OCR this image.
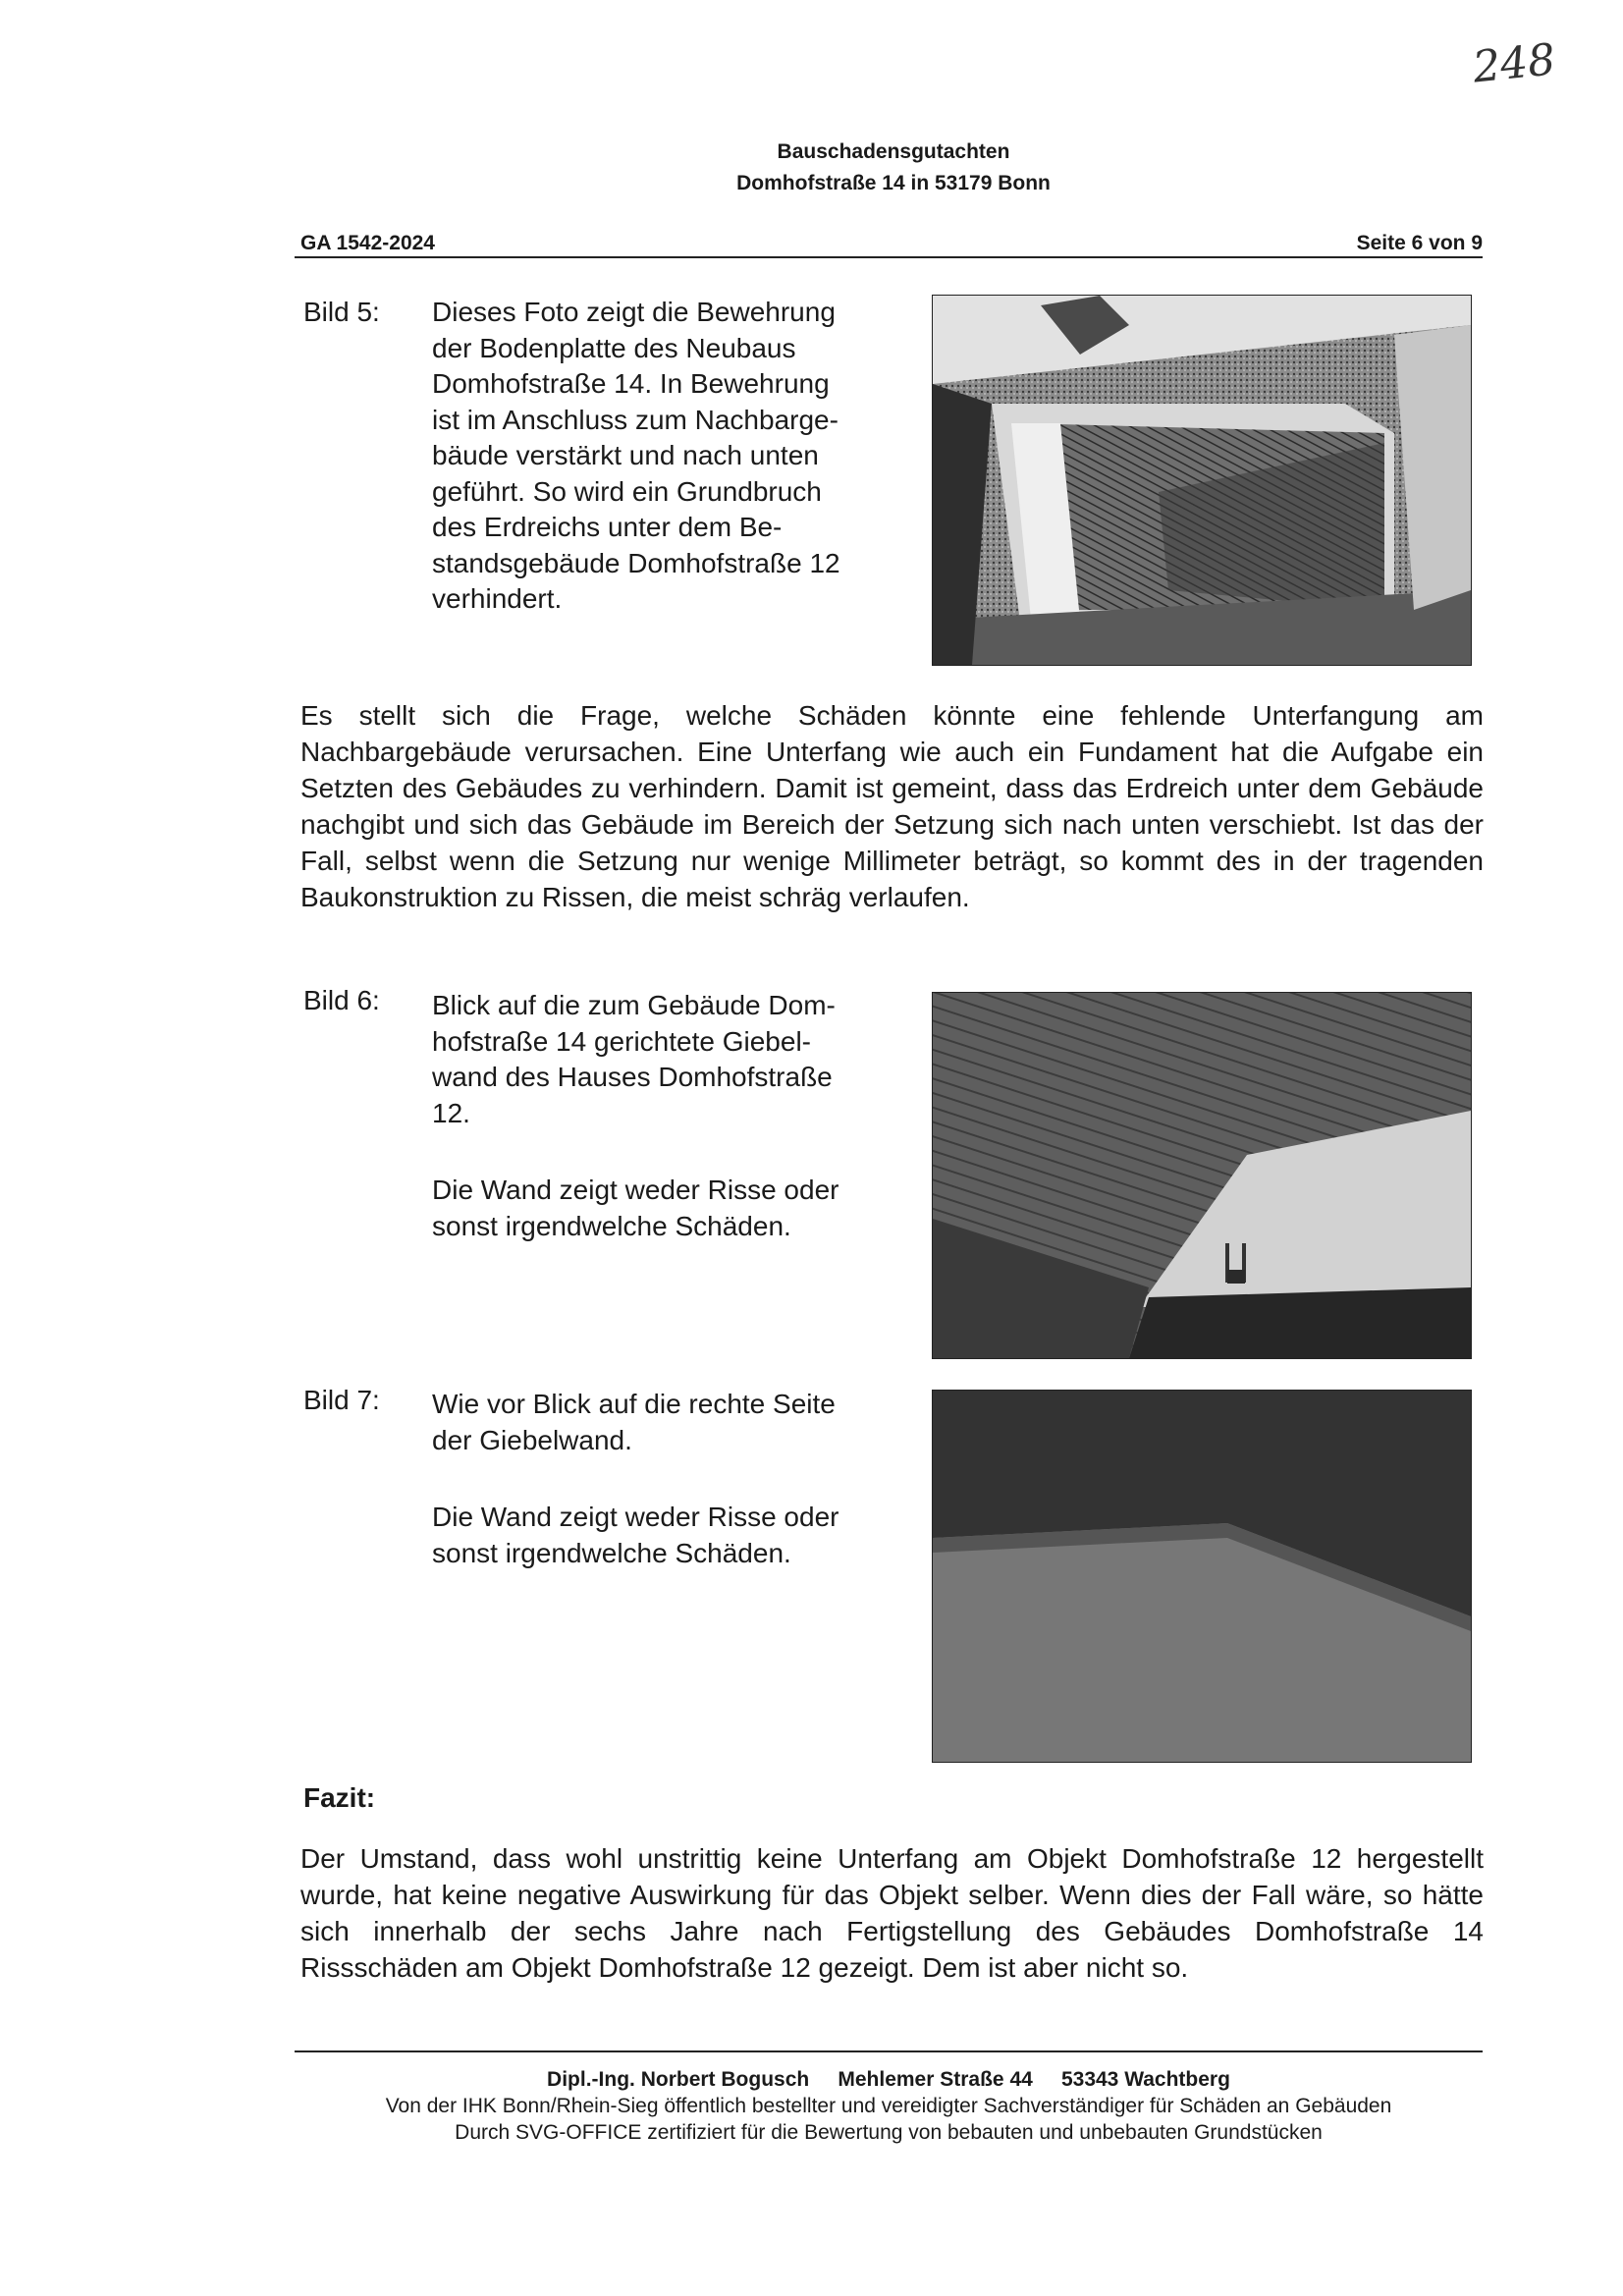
248
Bauschadensgutachten
Domhofstraße 14 in 53179 Bonn
GA 1542-2024	Seite 6 von 9
Bild 5: Dieses Foto zeigt die Bewehrung
der Bodenplatte des Neubaus
Domhofstraße 14. In Bewehrung
ist im Anschluss zum Nachbarge-
bäude verstärkt und nach unten
geführt. So wird ein Grundbruch
des Erdreichs unter dem Be-
standsgebäude Domhofstraße 12
verhindert.
Es stellt sich die Frage, welche Schäden könnte eine fehlende Unterfangung am Nachbargebäude verursachen. Eine Unterfang wie auch ein Fundament hat die Aufgabe ein Setzten des Gebäudes zu verhindern. Damit ist gemeint, dass das Erdreich unter dem Gebäude nachgibt und sich das Gebäude im Bereich der Setzung sich nach unten verschiebt. Ist das der Fall, selbst wenn die Setzung nur wenige Millimeter beträgt, so kommt des in der tragenden Baukonstruktion zu Rissen, die meist schräg verlaufen.
Bild 6: Blick auf die zum Gebäude Dom-
hofstraße 14 gerichtete Giebel-
wand des Hauses Domhofstraße
12.
Die Wand zeigt weder Risse oder
sonst irgendwelche Schäden.
Bild 7: Wie vor Blick auf die rechte Seite
der Giebelwand.
Die Wand zeigt weder Risse oder
sonst irgendwelche Schäden.
Fazit:
Der Umstand, dass wohl unstrittig keine Unterfang am Objekt Domhofstraße 12 hergestellt wurde, hat keine negative Auswirkung für das Objekt selber. Wenn dies der Fall wäre, so hätte sich innerhalb der sechs Jahre nach Fertigstellung des Gebäudes Domhofstraße 14 Rissschäden am Objekt Domhofstraße 12 gezeigt. Dem ist aber nicht so.
Dipl.-Ing. Norbert Bogusch     Mehlemer Straße 44     53343 Wachtberg
Von der IHK Bonn/Rhein-Sieg öffentlich bestellter und vereidigter Sachverständiger für Schäden an Gebäuden
Durch SVG-OFFICE zertifiziert für die Bewertung von bebauten und unbebauten Grundstücken
